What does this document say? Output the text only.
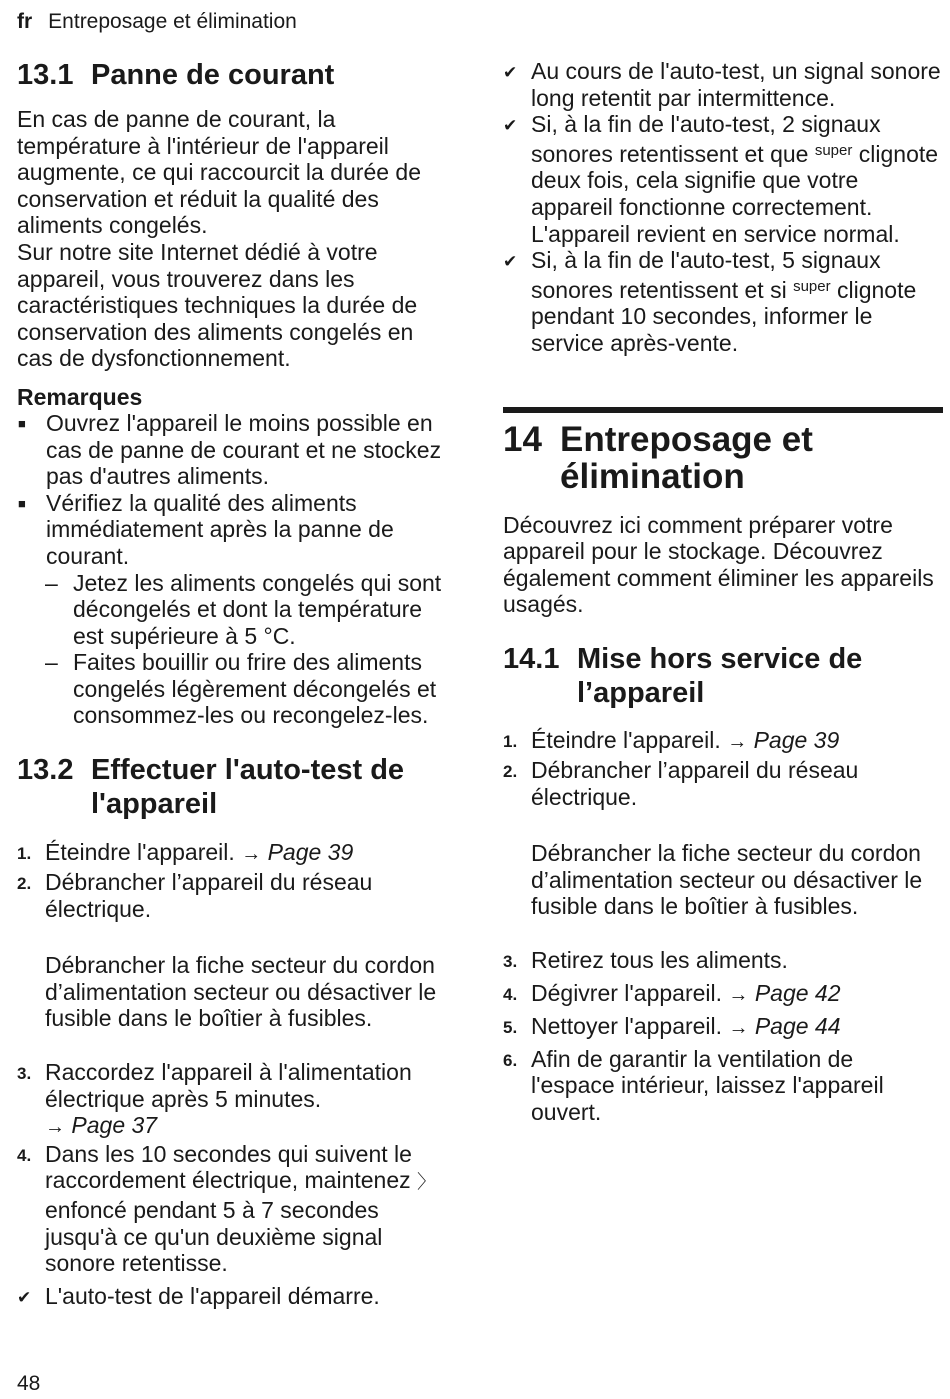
fr Entreposage et élimination
13.1 Panne de courant

En cas de panne de courant, la température à l'intérieur de l'appareil augmente, ce qui raccourcit la durée de conservation et réduit la qualité des aliments congelés.

Sur notre site Internet dédié à votre appareil, vous trouverez dans les caractéristiques techniques la durée de conservation des aliments congelés en cas de dysfonctionnement.

Remarques

■ Ouvrez l'appareil le moins possible en cas de panne de courant et ne stockez pas d'autres aliments.
■ Vérifiez la qualité des aliments immédiatement après la panne de courant.
– Jetez les aliments congelés qui sont décongelés et dont la température est supérieure à 5 °C.
– Faites bouillir ou frire des aliments congelés légèrement décongelés et consommez-les ou recongelez-les.
13.2 Effectuer l'auto-test de l'appareil
1. Éteindre l'appareil. → Page 39
2. Débrancher l’appareil du réseau électrique.

Débrancher la fiche secteur du cordon d’alimentation secteur ou désactiver le fusible dans le boîtier à fusibles.

3. Raccordez l'appareil à l'alimentation électrique après 5 minutes.
→ Page 37
4. Dans les 10 secondes qui suivent le raccordement électrique, maintenez 〉 enfoncé pendant 5 à 7 secondes jusqu'à ce qu'un deuxième signal sonore retentisse.
✔ L'auto-test de l'appareil démarre.
✔ Au cours de l'auto-test, un signal sonore long retentit par intermittence.
✔ Si, à la fin de l'auto-test, 2 signaux sonores retentissent et que $^{super}$ clignote deux fois, cela signifie que votre appareil fonctionne correctement. L'appareil revient en service normal.
✔ Si, à la fin de l'auto-test, 5 signaux sonores retentissent et si $^{super}$ clignote pendant 10 secondes, informer le service après-vente.
14 Entreposage et élimination

Découvrez ici comment préparer votre appareil pour le stockage. Découvrez également comment éliminer les appareils usagés.

14.1 Mise hors service de l’appareil
1. Éteindre l'appareil. → Page 39
2. Débrancher l’appareil du réseau électrique.

Débrancher la fiche secteur du cordon d’alimentation secteur ou désactiver le fusible dans le boîtier à fusibles.

3. Retirez tous les aliments.
4. Dégivrer l'appareil. → Page 42
5. Nettoyer l'appareil. → Page 44
6. Afin de garantir la ventilation de l'espace intérieur, laissez l'appareil ouvert.
48
